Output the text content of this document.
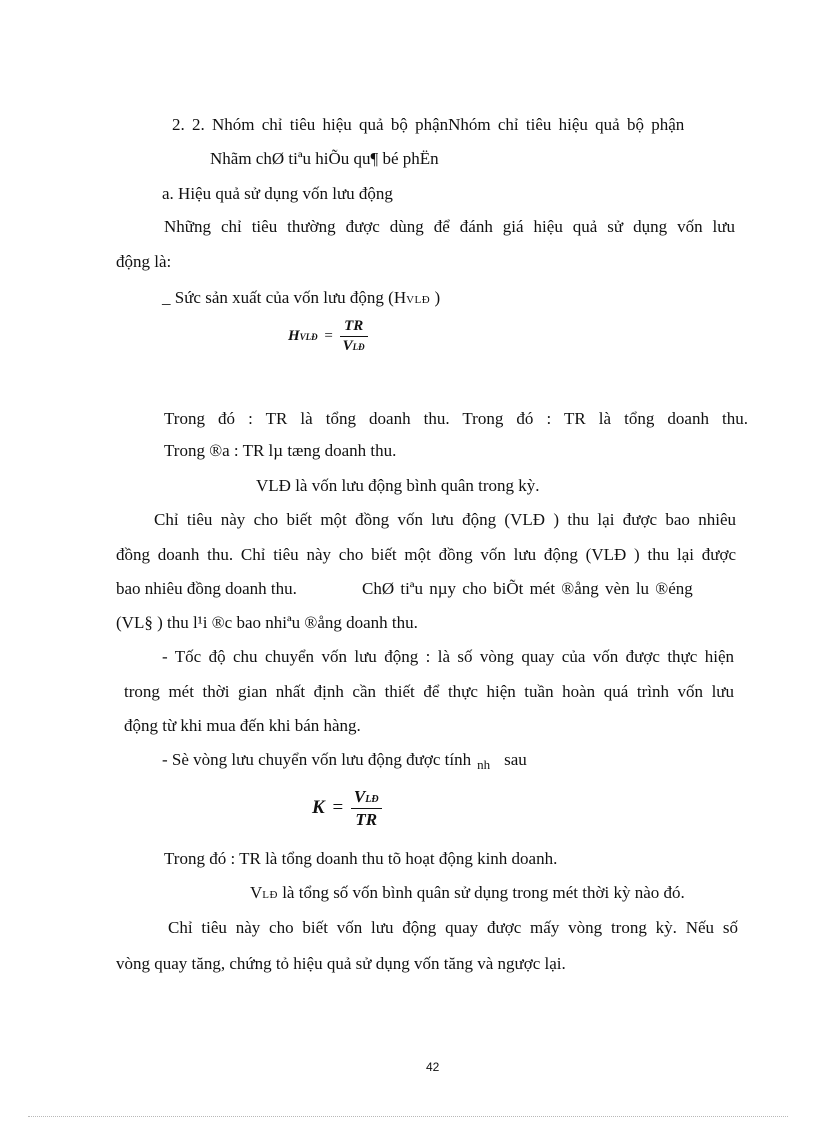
2. 2. Nhóm chỉ tiêu hiệu quả bộ phậnNhóm chỉ tiêu hiệu quả bộ phận
Nhãm chØ tiªu hiÕu qu¶ bé phËn
a. Hiệu quả sử dụng vốn lưu động
Những chỉ tiêu thường được dùng để đánh giá hiệu quả sử dụng vốn lưu
động là:
_ Sức sản xuất của vốn lưu động (HVLĐ )
HVLĐ = $\frac{TR}{\text{VLĐ}}$
Trong đó : TR là tổng doanh thu. Trong đó : TR là tổng doanh thu.
Trong ®a : TR lµ tæng doanh thu.
VLĐ là vốn lưu động bình quân trong kỳ.
Chỉ tiêu này cho biết một đồng vốn lưu động (VLĐ ) thu lại được bao nhiêu
đồng doanh thu. Chỉ tiêu này cho biết một đồng vốn lưu động (VLĐ ) thu lại được
bao nhiêu đồng doanh thu.	ChØ tiªu nµy cho biÕt mét ®ång vèn lu ®éng
(VL§ ) thu l¹i ®c bao nhiªu ®ång doanh thu.
- Tốc độ chu chuyển vốn lưu động : là số vòng quay của vốn được thực hiện
trong mét thời gian nhất định cần thiết để thực hiện tuần hoàn quá trình vốn lưu
động từ khi mua đến khi bán hàng.
- Sè vòng lưu chuyển vốn lưu động được tính $_{nh}$ sau
$K = \frac{\text{VLĐ}}{TR}$
Trong đó : TR là tổng doanh thu tõ hoạt động kinh doanh.
VLĐ là tổng số vốn bình quân sử dụng trong mét thời kỳ nào đó.
Chỉ tiêu này cho biết vốn lưu động quay được mấy vòng trong kỳ. Nếu số
vòng quay tăng, chứng tỏ hiệu quả sử dụng vốn tăng và ngược lại.
42
